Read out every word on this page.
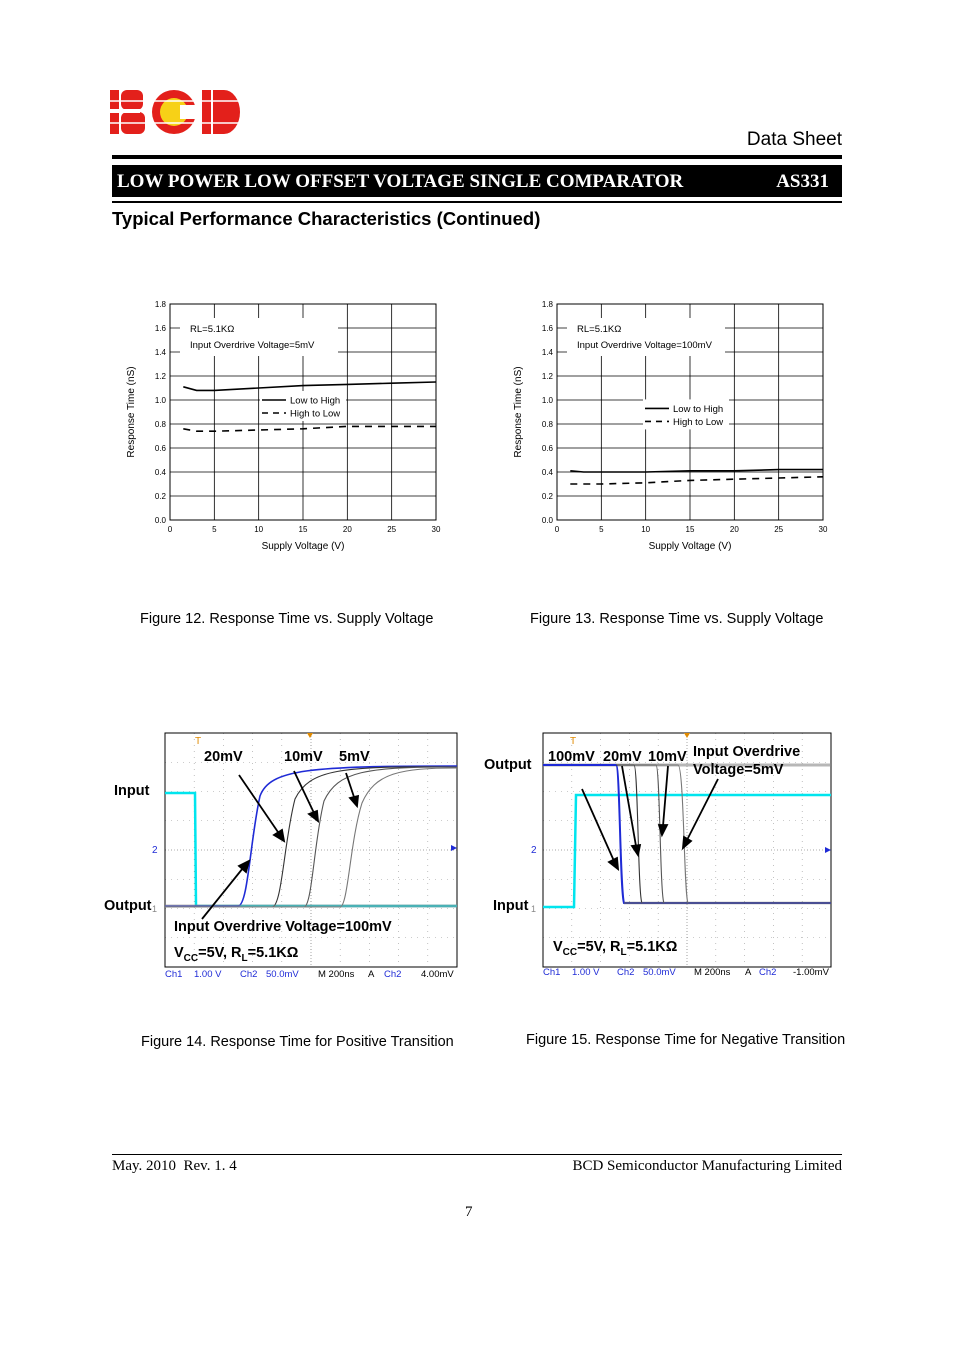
Data Sheet
LOW POWER LOW OFFSET VOLTAGE SINGLE COMPARATOR	AS331
Typical Performance Characteristics (Continued)
0	5	10	15	20	25	30
0.0
0.2
0.4
0.6
0.8
1.0
1.2
1.4
1.6
1.8
RL=5.1KΩ
Input Overdrive Voltage=5mV
Low to High
High to Low
Supply Voltage (V)
Response Time (nS)
0	5	10	15	20	25	30
0.0
0.2
0.4
0.6
0.8
1.0
1.2
1.4
1.6
1.8
RL=5.1KΩ
Input Overdrive Voltage=100mV
Low to High
High to Low
Supply Voltage (V)
Response Time (nS)
Figure 12. Response Time vs. Supply Voltage	Figure 13. Response Time vs. Supply Voltage
Input
Output
T
2
1
20mV	10mV 5mV
Input Overdrive Voltage=100mV
$V_{CC}=5V$, $R_L=5.1K\Omega$
Ch1 1.00 V Ch2 50.0mV M 200ns A Ch2 4.00mV
Output
Input
T
2
1
100mV 20mV 10mV Input Overdrive
Voltage=5mV
$V_{CC}=5V$, $R_L=5.1K\Omega$
Ch1 1.00 V Ch2 50.0mV M 200ns A Ch2 -1.00mV
Figure 14. Response Time for Positive Transition	Figure 15. Response Time for Negative Transition
May. 2010  Rev. 1. 4	BCD Semiconductor Manufacturing Limited
7
